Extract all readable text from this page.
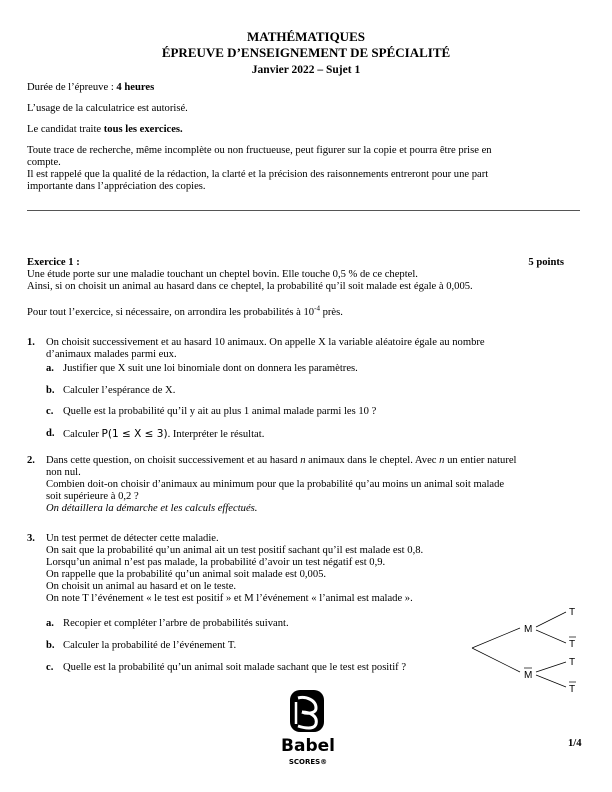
MATHÉMATIQUES
ÉPREUVE D’ENSEIGNEMENT DE SPÉCIALITÉ
Janvier 2022 – Sujet 1
Durée de l’épreuve : 4 heures
L’usage de la calculatrice est autorisé.
Le candidat traite tous les exercices.
Toute trace de recherche, même incomplète ou non fructueuse, peut figurer sur la copie et pourra être prise en
compte.
Il est rappelé que la qualité de la rédaction, la clarté et la précision des raisonnements entreront pour une part
importante dans l’appréciation des copies.
Exercice 1 :	5 points
Une étude porte sur une maladie touchant un cheptel bovin. Elle touche 0,5 % de ce cheptel.
Ainsi, si on choisit un animal au hasard dans ce cheptel, la probabilité qu’il soit malade est égale à 0,005.
Pour tout l’exercice, si nécessaire, on arrondira les probabilités à $10^{-4}$ près.
1. On choisit successivement et au hasard 10 animaux. On appelle X la variable aléatoire égale au nombre
d’animaux malades parmi eux.
a. Justifier que X suit une loi binomiale dont on donnera les paramètres.
b. Calculer l’espérance de X.
c. Quelle est la probabilité qu’il y ait au plus 1 animal malade parmi les 10 ?
d. Calculer P(1 ≤ X ≤ 3). Interpréter le résultat.
2. Dans cette question, on choisit successivement et au hasard n animaux dans le cheptel. Avec n un entier naturel
non nul.
Combien doit-on choisir d’animaux au minimum pour que la probabilité qu’au moins un animal soit malade
soit supérieure à 0,2 ?
On détaillera la démarche et les calculs effectués.
3. Un test permet de détecter cette maladie.
On sait que la probabilité qu’un animal ait un test positif sachant qu’il est malade est 0,8.
Lorsqu’un animal n’est pas malade, la probabilité d’avoir un test négatif est 0,9.
On rappelle que la probabilité qu’un animal soit malade est 0,005.
On choisit un animal au hasard et on le teste.
On note T l’événement « le test est positif » et M l’événement « l’animal est malade ».
a. Recopier et compléter l’arbre de probabilités suivant.
b. Calculer la probabilité de l’événement T.
c. Quelle est la probabilité qu’un animal soit malade sachant que le test est positif ?
M
M
T
T
T
T
Babel
SCORES®
1/4
